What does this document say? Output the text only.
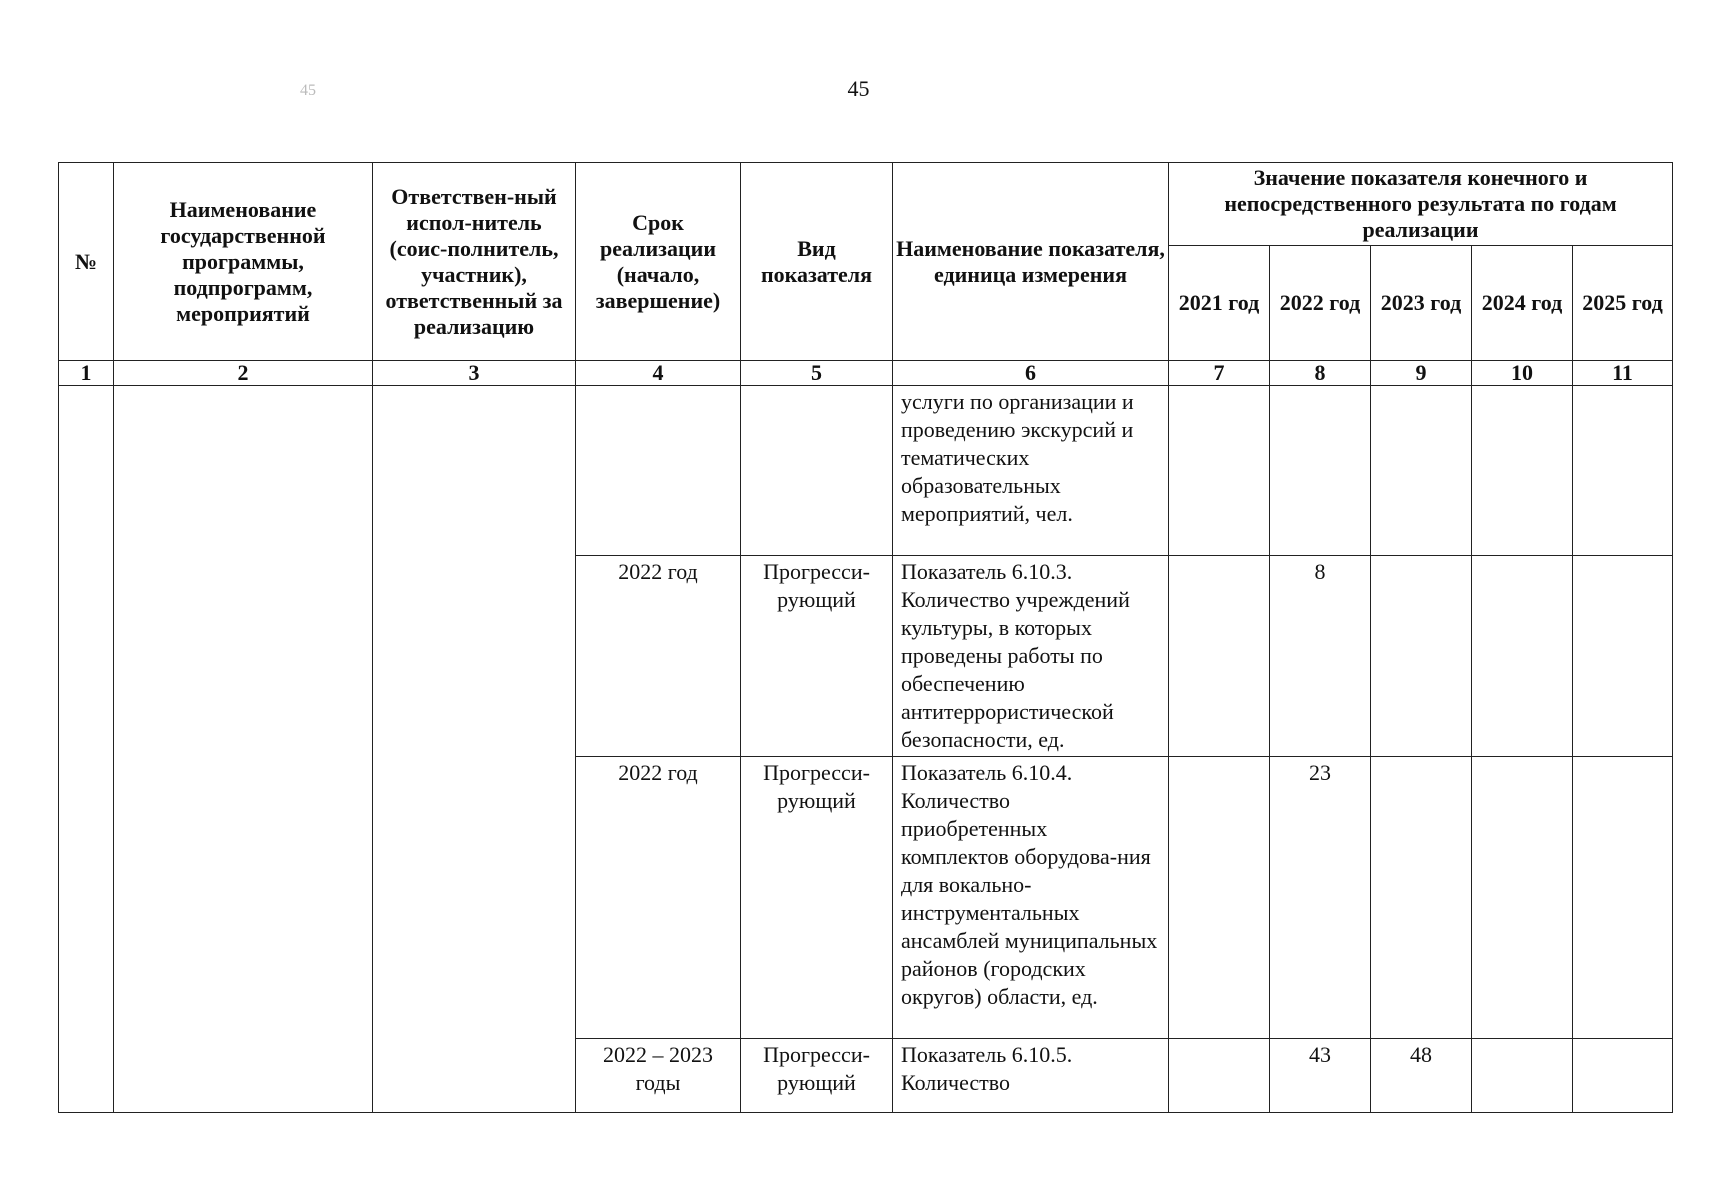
45
45
№	Наименование государственной программы, подпрограмм, мероприятий	Ответствен-ный испол-нитель (соис-полнитель, участник), ответственный за реализацию	Срок реализации (начало, завершение)	Вид показателя	Наименование показателя, единица измерения	Значение показателя конечного и непосредственного результата по годам реализации				
						2021 год	2022 год	2023 год	2024 год	2025 год
1	2	3	4	5	6	7	8	9	10	11
					услуги по организации и проведению экскурсий и тематических образовательных мероприятий, чел.					
			2022 год	Прогресси-рующий	Показатель 6.10.3. Количество учреждений культуры, в которых проведены работы по обеспечению антитеррористической безопасности, ед.		8			
			2022 год	Прогресси-рующий	Показатель 6.10.4. Количество приобретенных комплектов оборудова-ния для вокально-инструментальных ансамблей муниципальных районов (городских округов) области, ед.		23			
			2022 – 2023 годы	Прогресси-рующий	Показатель 6.10.5. Количество		43	48		
